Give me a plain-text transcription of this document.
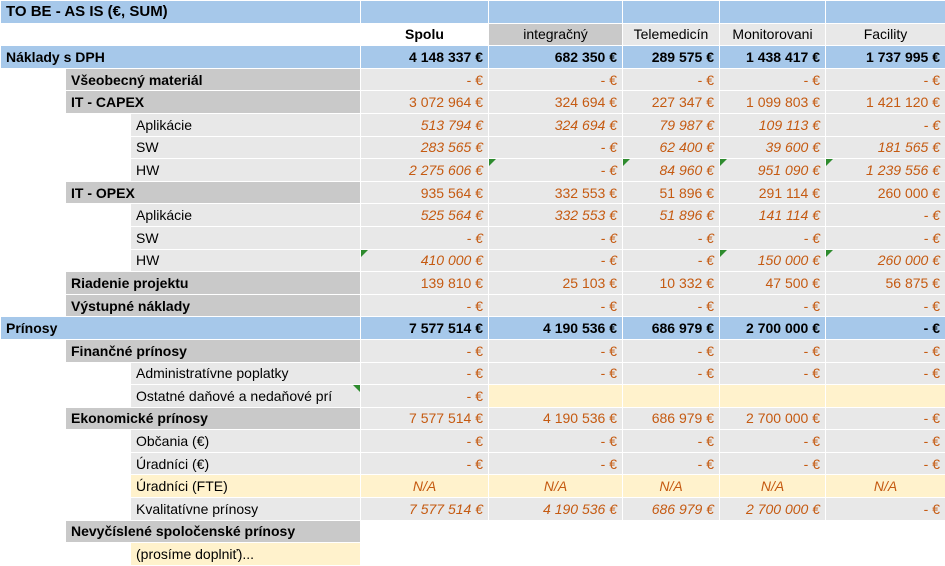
TO BE - AS IS (€, SUM)							
			Spolu	integračný	Telemedicín	Monitorovani	Facility
Náklady s DPH			4 148 337 €	682 350 €	289 575 €	1 438 417 €	1 737 995 €
	Všeobecný materiál		- €	- €	- €	- €	- €
	IT - CAPEX		3 072 964 €	324 694 €	227 347 €	1 099 803 €	1 421 120 €
		Aplikácie	513 794 €	324 694 €	79 987 €	109 113 €	- €
		SW	283 565 €	- €	62 400 €	39 600 €	181 565 €
		HW	2 275 606 €	- €	84 960 €	951 090 €	1 239 556 €
	IT - OPEX		935 564 €	332 553 €	51 896 €	291 114 €	260 000 €
		Aplikácie	525 564 €	332 553 €	51 896 €	141 114 €	- €
		SW	- €	- €	- €	- €	- €
		HW	410 000 €	- €	- €	150 000 €	260 000 €
	Riadenie projektu		139 810 €	25 103 €	10 332 €	47 500 €	56 875 €
	Výstupné náklady		- €	- €	- €	- €	- €
Prínosy			7 577 514 €	4 190 536 €	686 979 €	2 700 000 €	- €
	Finančné prínosy		- €	- €	- €	- €	- €
		Administratívne poplatky	- €	- €	- €	- €	- €
		Ostatné daňové a nedaňové prí	- €				
	Ekonomické prínosy		7 577 514 €	4 190 536 €	686 979 €	2 700 000 €	- €
		Občania (€)	- €	- €	- €	- €	- €
		Úradníci (€)	- €	- €	- €	- €	- €
		Úradníci (FTE)	N/A	N/A	N/A	N/A	N/A
		Kvalitatívne prínosy	7 577 514 €	4 190 536 €	686 979 €	2 700 000 €	- €
	Nevyčíslené spoločenské prínosy						
		(prosíme doplniť)...					
